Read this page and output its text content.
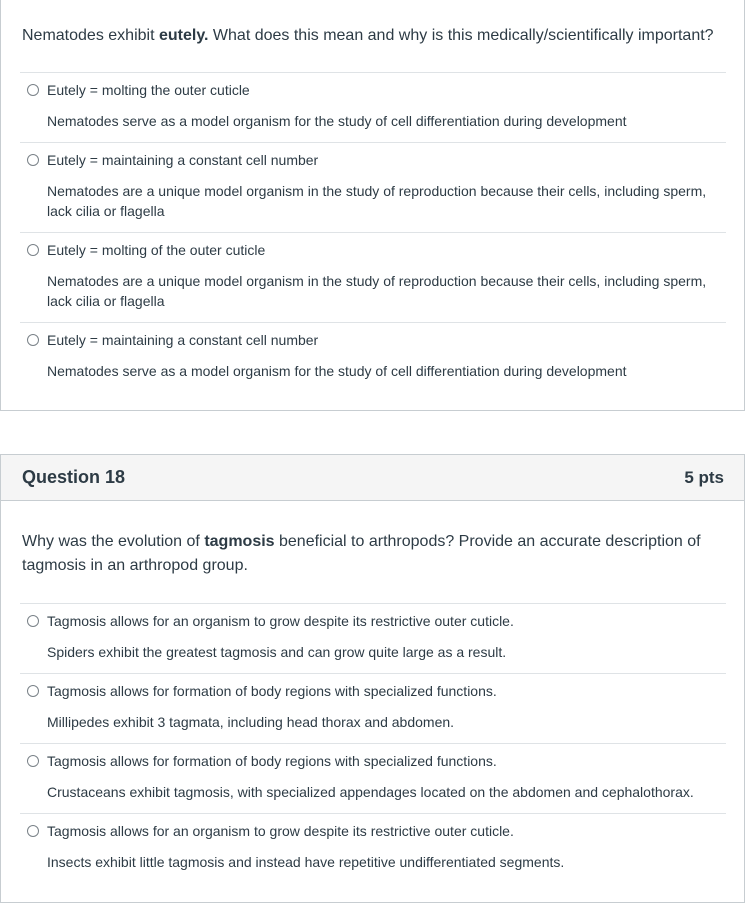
Nematodes exhibit eutely. What does this mean and why is this medically/scientifically important?
Eutely = molting the outer cuticle
Nematodes serve as a model organism for the study of cell differentiation during development
Eutely = maintaining a constant cell number
Nematodes are a unique model organism in the study of reproduction because their cells, including sperm, lack cilia or flagella
Eutely = molting of the outer cuticle
Nematodes are a unique model organism in the study of reproduction because their cells, including sperm, lack cilia or flagella
Eutely = maintaining a constant cell number
Nematodes serve as a model organism for the study of cell differentiation during development
Question 18	5 pts
Why was the evolution of tagmosis beneficial to arthropods? Provide an accurate description of tagmosis in an arthropod group.
Tagmosis allows for an organism to grow despite its restrictive outer cuticle.
Spiders exhibit the greatest tagmosis and can grow quite large as a result.
Tagmosis allows for formation of body regions with specialized functions.
Millipedes exhibit 3 tagmata, including head thorax and abdomen.
Tagmosis allows for formation of body regions with specialized functions.
Crustaceans exhibit tagmosis, with specialized appendages located on the abdomen and cephalothorax.
Tagmosis allows for an organism to grow despite its restrictive outer cuticle.
Insects exhibit little tagmosis and instead have repetitive undifferentiated segments.
